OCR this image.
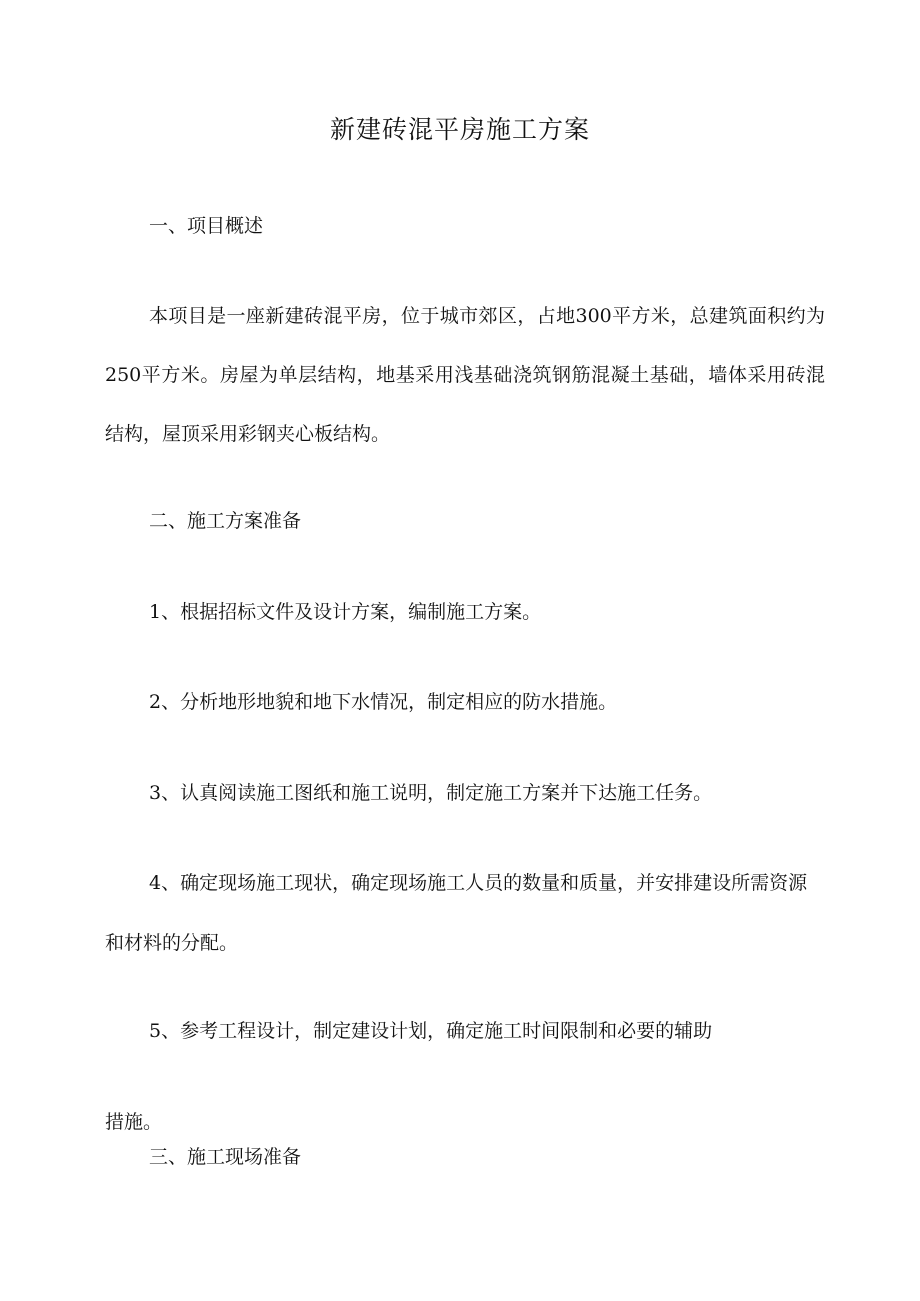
新建砖混平房施工方案

一、项目概述

本项目是一座新建砖混平房，位于城市郊区，占地300平方米，总建筑面积约为250平方米。房屋为单层结构，地基采用浅基础浇筑钢筋混凝土基础，墙体采用砖混结构，屋顶采用彩钢夹心板结构。

二、施工方案准备

1、根据招标文件及设计方案，编制施工方案。

2、分析地形地貌和地下水情况，制定相应的防水措施。

3、认真阅读施工图纸和施工说明，制定施工方案并下达施工任务。

4、确定现场施工现状，确定现场施工人员的数量和质量，并安排建设所需资源和材料的分配。

5、参考工程设计，制定建设计划，确定施工时间限制和必要的辅助

措施。

三、施工现场准备
